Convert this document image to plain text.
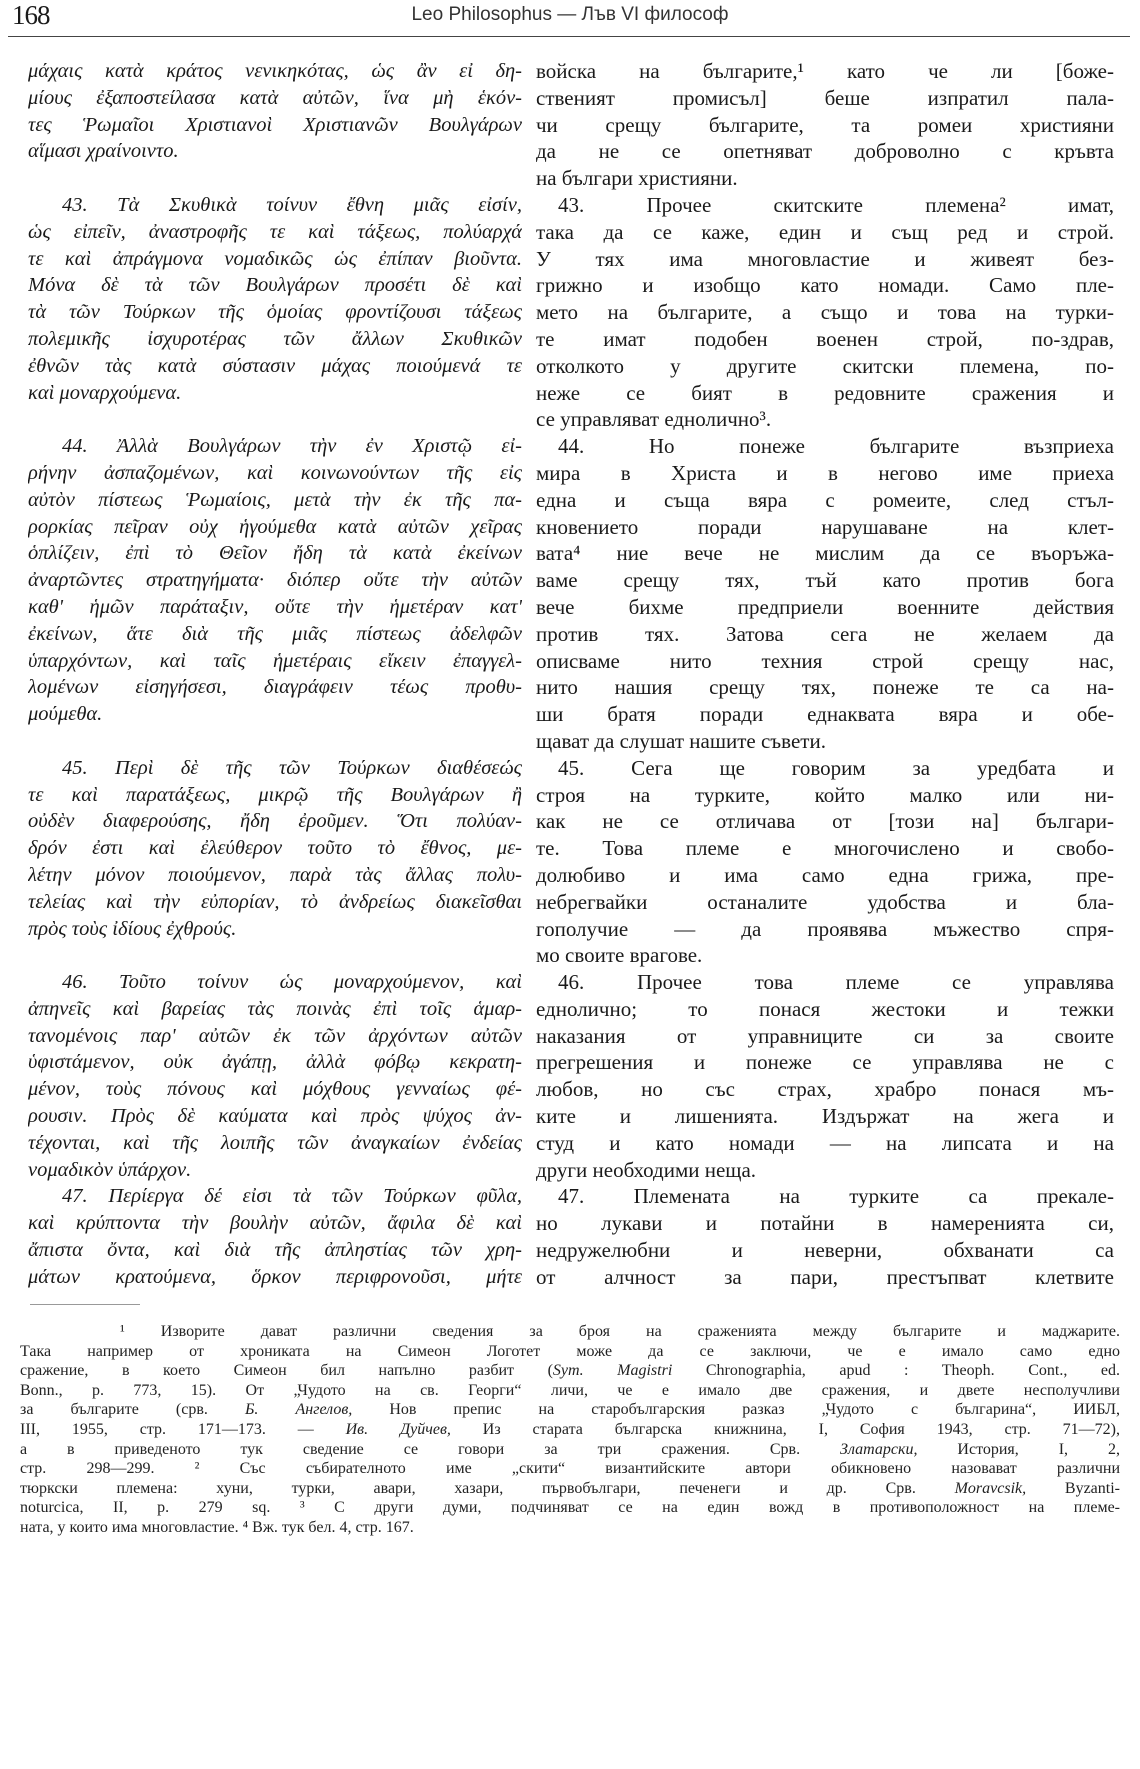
168	Leo Philosophus — Лъв VI философ
μάχαις κατὰ κράτος νενικηκότας, ὡς ἂν εἰ δη-
μίους ἐξαποστείλασα κατὰ αὐτῶν, ἵνα μὴ ἑκόν-
τες Ῥωμαῖοι Χριστιανοὶ Χριστιανῶν Βουλγάρων
αἵμασι χραίνοιντο.
43. Τὰ Σκυθικὰ τοίνυν ἔθνη μιᾶς εἰσίν,
ὡς εἰπεῖν, ἀναστροφῆς τε καὶ τάξεως, πολύαρχά
τε καὶ ἀπράγμονα νομαδικῶς ὡς ἐπίπαν βιοῦντα.
Μόνα δὲ τὰ τῶν Βουλγάρων προσέτι δὲ καὶ
τὰ τῶν Τούρκων τῆς ὁμοίας φροντίζουσι τάξεως
πολεμικῆς ἰσχυροτέρας τῶν ἄλλων Σκυθικῶν
ἐθνῶν τὰς κατὰ σύστασιν μάχας ποιούμενά τε
καὶ μοναρχούμενα.
44. Ἀλλὰ Βουλγάρων τὴν ἐν Χριστῷ εἰ-
ρήνην ἀσπαζομένων, καὶ κοινωνούντων τῆς εἰς
αὐτὸν πίστεως Ῥωμαίοις, μετὰ τὴν ἐκ τῆς πα-
ρορκίας πεῖραν οὐχ ἡγούμεθα κατὰ αὐτῶν χεῖρας
ὁπλίζειν, ἐπὶ τὸ Θεῖον ἤδη τὰ κατὰ ἐκείνων
ἀναρτῶντες στρατηγήματα· διόπερ οὔτε τὴν αὐτῶν
καθ' ἡμῶν παράταξιν, οὔτε τὴν ἡμετέραν κατ'
ἐκείνων, ἅτε διὰ τῆς μιᾶς πίστεως ἀδελφῶν
ὑπαρχόντων, καὶ ταῖς ἡμετέραις εἴκειν ἐπαγγελ-
λομένων εἰσηγήσεσι, διαγράφειν τέως προθυ-
μούμεθα.
45. Περὶ δὲ τῆς τῶν Τούρκων διαθέσεώς
τε καὶ παρατάξεως, μικρῷ τῆς Βουλγάρων ἢ
οὐδὲν διαφερούσης, ἤδη ἐροῦμεν. Ὅτι πολύαν-
δρόν ἐστι καὶ ἐλεύθερον τοῦτο τὸ ἔθνος, με-
λέτην μόνον ποιούμενον, παρὰ τὰς ἄλλας πολυ-
τελείας καὶ τὴν εὐπορίαν, τὸ ἀνδρείως διακεῖσθαι
πρὸς τοὺς ἰδίους ἐχθρούς.
46. Τοῦτο τοίνυν ὡς μοναρχούμενον, καὶ
ἀπηνεῖς καὶ βαρείας τὰς ποινὰς ἐπὶ τοῖς ἁμαρ-
τανομένοις παρ' αὐτῶν ἐκ τῶν ἀρχόντων αὐτῶν
ὑφιστάμενον, οὐκ ἀγάπῃ, ἀλλὰ φόβῳ κεκρατη-
μένον, τοὺς πόνους καὶ μόχθους γενναίως φέ-
ρουσιν. Πρὸς δὲ καύματα καὶ πρὸς ψύχος ἀν-
τέχονται, καὶ τῆς λοιπῆς τῶν ἀναγκαίων ἐνδείας
νομαδικὸν ὑπάρχον.
47. Περίεργα δέ εἰσι τὰ τῶν Τούρκων φῦλα,
καὶ κρύπτοντα τὴν βουλὴν αὐτῶν, ἄφιλα δὲ καὶ
ἄπιστα ὄντα, καὶ διὰ τῆς ἀπληστίας τῶν χρη-
μάτων κρατούμενα, ὅρκον περιφρονοῦσι, μήτε
войска на българите,¹ като че ли [боже-
ственият промисъл] беше изпратил пала-
чи срещу българите, та ромеи християни
да не се опетняват доброволно с кръвта
на българи християни.
43. Прочее скитските племена² имат,
така да се каже, един и същ ред и строй.
У тях има многовластие и живеят без-
грижно и изобщо като номади. Само пле-
мето на българите, а също и това на турки-
те имат подобен военен строй, по-здрав,
отколкото у другите скитски племена, по-
неже се бият в редовните сражения и
се управляват еднолично³.
44. Но понеже българите възприеха
мира в Христа и в негово име приеха
една и съща вяра с ромеите, след стъл-
кновението поради нарушаване на клет-
вата⁴ ние вече не мислим да се въоръжа-
ваме срещу тях, тъй като против бога
вече бихме предприели военните действия
против тях. Затова сега не желаем да
описваме нито техния строй срещу нас,
нито нашия срещу тях, понеже те са на-
ши братя поради еднаквата вяра и обе-
щават да слушат нашите съвети.
45. Сега ще говорим за уредбата и
строя на турките, който малко или ни-
как не се отличава от [този на] българи-
те. Това племе е многочислено и свобо-
долюбиво и има само една грижа, пре-
небрегвайки останалите удобства и бла-
гополучие — да проявява мъжество спря-
мо своите врагове.
46. Прочее това племе се управлява
еднолично; то понася жестоки и тежки
наказания от управниците си за своите
прегрешения и понеже се управлява не с
любов, но със страх, храбро понася мъ-
ките и лишенията. Издържат на жега и
студ и като номади — на липсата и на
други необходими неща.
47. Племената на турките са прекале-
но лукави и потайни в намеренията си,
недружелюбни и неверни, обхванати са
от алчност за пари, престъпват клетвите
¹ Изворите дават различни сведения за броя на сраженията между българите и маджарите.
Така например от хрониката на Симеон Логотет може да се заключи, че е имало само едно
сражение, в което Симеон бил напълно разбит (Sym. Magistri Chronographia, apud : Theoph. Cont., ed.
Bonn., p. 773, 15). От „Чудото на св. Георги“ личи, че е имало две сражения, и двете несполучливи
за българите (срв. Б. Ангелов, Нов препис на старобългарския разказ „Чудото с българина“, ИИБЛ,
III, 1955, стр. 171—173. — Ив. Дуйчев, Из старата българска книжнина, I, София 1943, стр. 71—72),
а в приведеното тук сведение се говори за три сражения. Срв. Златарски, История, I, 2,
стр. 298—299. ² Със събирателното име „скити“ византийските автори обикновено назовават различни
тюркски племена: хуни, турки, авари, хазари, първобългари, печенеги и др. Срв. Moravcsik, Byzanti-
noturcica, II, p. 279 sq. ³ С други думи, подчиняват се на един вожд в противоположност на племе-
ната, у които има многовластие. ⁴ Вж. тук бел. 4, стр. 167.
